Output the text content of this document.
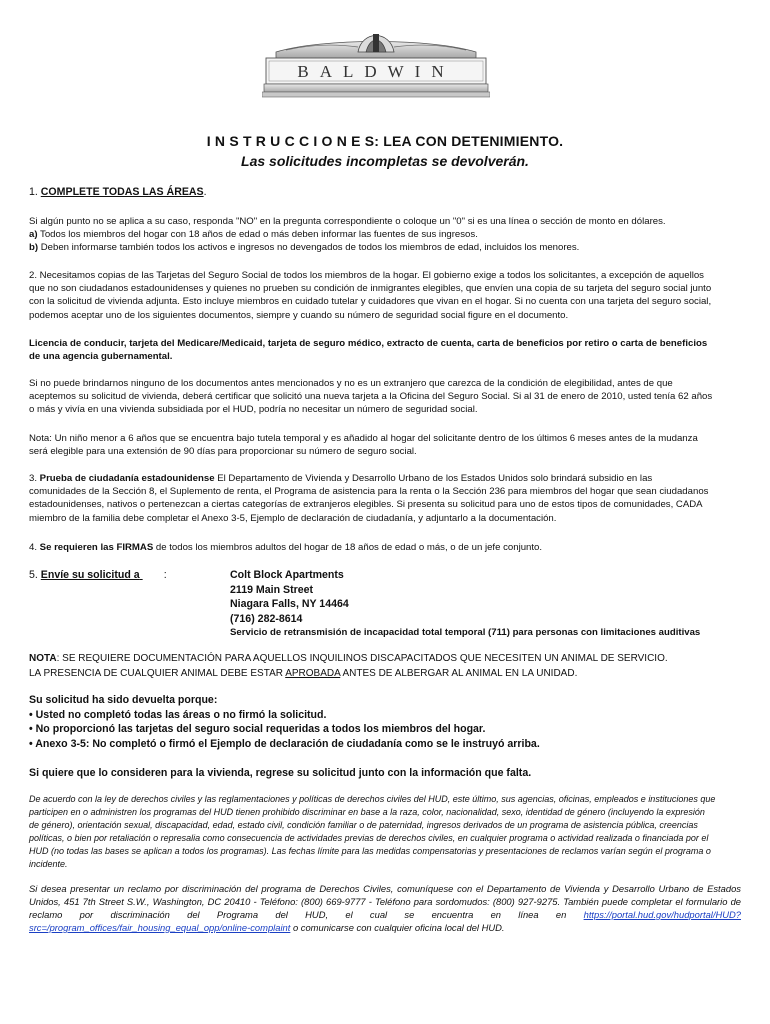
BALDWIN
I N S T R U C C I O N E S: LEA CON DETENIMIENTO.
Las solicitudes incompletas se devolverán.
1. COMPLETE TODAS LAS ÁREAS.
Si algún punto no se aplica a su caso, responda "NO" en la pregunta correspondiente o coloque un "0" si es una línea o sección de monto en dólares.
a) Todos los miembros del hogar con 18 años de edad o más deben informar las fuentes de sus ingresos.
b) Deben informarse también todos los activos e ingresos no devengados de todos los miembros de edad, incluidos los menores.
2. Necesitamos copias de las Tarjetas del Seguro Social de todos los miembros de la hogar. El gobierno exige a todos los solicitantes, a excepción de aquellos
que no son ciudadanos estadounidenses y quienes no prueben su condición de inmigrantes elegibles, que envíen una copia de su tarjeta del seguro social junto
con la solicitud de vivienda adjunta. Esto incluye miembros en cuidado tutelar y cuidadores que vivan en el hogar. Si no cuenta con una tarjeta del seguro social,
podemos aceptar uno de los siguientes documentos, siempre y cuando su número de seguridad social figure en el documento.
Licencia de conducir, tarjeta del Medicare/Medicaid, tarjeta de seguro médico, extracto de cuenta, carta de beneficios por retiro o carta de beneficios
de una agencia gubernamental.
Si no puede brindarnos ninguno de los documentos antes mencionados y no es un extranjero que carezca de la condición de elegibilidad, antes de que
aceptemos su solicitud de vivienda, deberá certificar que solicitó una nueva tarjeta a la Oficina del Seguro Social. Si al 31 de enero de 2010, usted tenía 62 años
o más y vivía en una vivienda subsidiada por el HUD, podría no necesitar un número de seguridad social.
Nota: Un niño menor a 6 años que se encuentra bajo tutela temporal y es añadido al hogar del solicitante dentro de los últimos 6 meses antes de la mudanza
será elegible para una extensión de 90 días para proporcionar su número de seguro social.
3. Prueba de ciudadanía estadounidense El Departamento de Vivienda y Desarrollo Urbano de los Estados Unidos solo brindará subsidio en las
comunidades de la Sección 8, el Suplemento de renta, el Programa de asistencia para la renta o la Sección 236 para miembros del hogar que sean ciudadanos
estadounidenses, nativos o pertenezcan a ciertas categorías de extranjeros elegibles. Si presenta su solicitud para uno de estos tipos de comunidades, CADA
miembro de la familia debe completar el Anexo 3-5, Ejemplo de declaración de ciudadanía, y adjuntarlo a la documentación.
4. Se requieren las FIRMAS de todos los miembros adultos del hogar de 18 años de edad o más, o de un jefe conjunto.
5. Envíe su solicitud a :	Colt Block Apartments
2119 Main Street
Niagara Falls, NY 14464
(716) 282-8614
Servicio de retransmisión de incapacidad total temporal (711) para personas con limitaciones auditivas
NOTA: SE REQUIERE DOCUMENTACIÓN PARA AQUELLOS INQUILINOS DISCAPACITADOS QUE NECESITEN UN ANIMAL DE SERVICIO.
LA PRESENCIA DE CUALQUIER ANIMAL DEBE ESTAR APROBADA ANTES DE ALBERGAR AL ANIMAL EN LA UNIDAD.
Su solicitud ha sido devuelta porque:
• Usted no completó todas las áreas o no firmó la solicitud.
• No proporcionó las tarjetas del seguro social requeridas a todos los miembros del hogar.
• Anexo 3-5: No completó o firmó el Ejemplo de declaración de ciudadanía como se le instruyó arriba.
Si quiere que lo consideren para la vivienda, regrese su solicitud junto con la información que falta.
De acuerdo con la ley de derechos civiles y las reglamentaciones y políticas de derechos civiles del HUD, este último, sus agencias, oficinas, empleados e instituciones que
participen en o administren los programas del HUD tienen prohibido discriminar en base a la raza, color, nacionalidad, sexo, identidad de género (incluyendo la expresión
de género), orientación sexual, discapacidad, edad, estado civil, condición familiar o de paternidad, ingresos derivados de un programa de asistencia pública, creencias
políticas, o bien por retaliación o represalia como consecuencia de actividades previas de derechos civiles, en cualquier programa o actividad realizada o financiada por el
HUD (no todas las bases se aplican a todos los programas). Las fechas límite para las medidas compensatorias y presentaciones de reclamos varían según el programa o
incidente.
Si desea presentar un reclamo por discriminación del programa de Derechos Civiles, comuníquese con el Departamento de Vivienda y Desarrollo Urbano de Estados Unidos, 451 7th Street S.W., Washington, DC 20410 - Teléfono: (800) 669-9777 - Teléfono para sordomudos: (800) 927-9275. También puede completar el formulario de reclamo por discriminación del Programa del HUD, el cual se encuentra en línea en https://portal.hud.gov/hudportal/HUD?src=/program_offices/fair_housing_equal_opp/online-complaint o comunicarse con cualquier oficina local del HUD.
